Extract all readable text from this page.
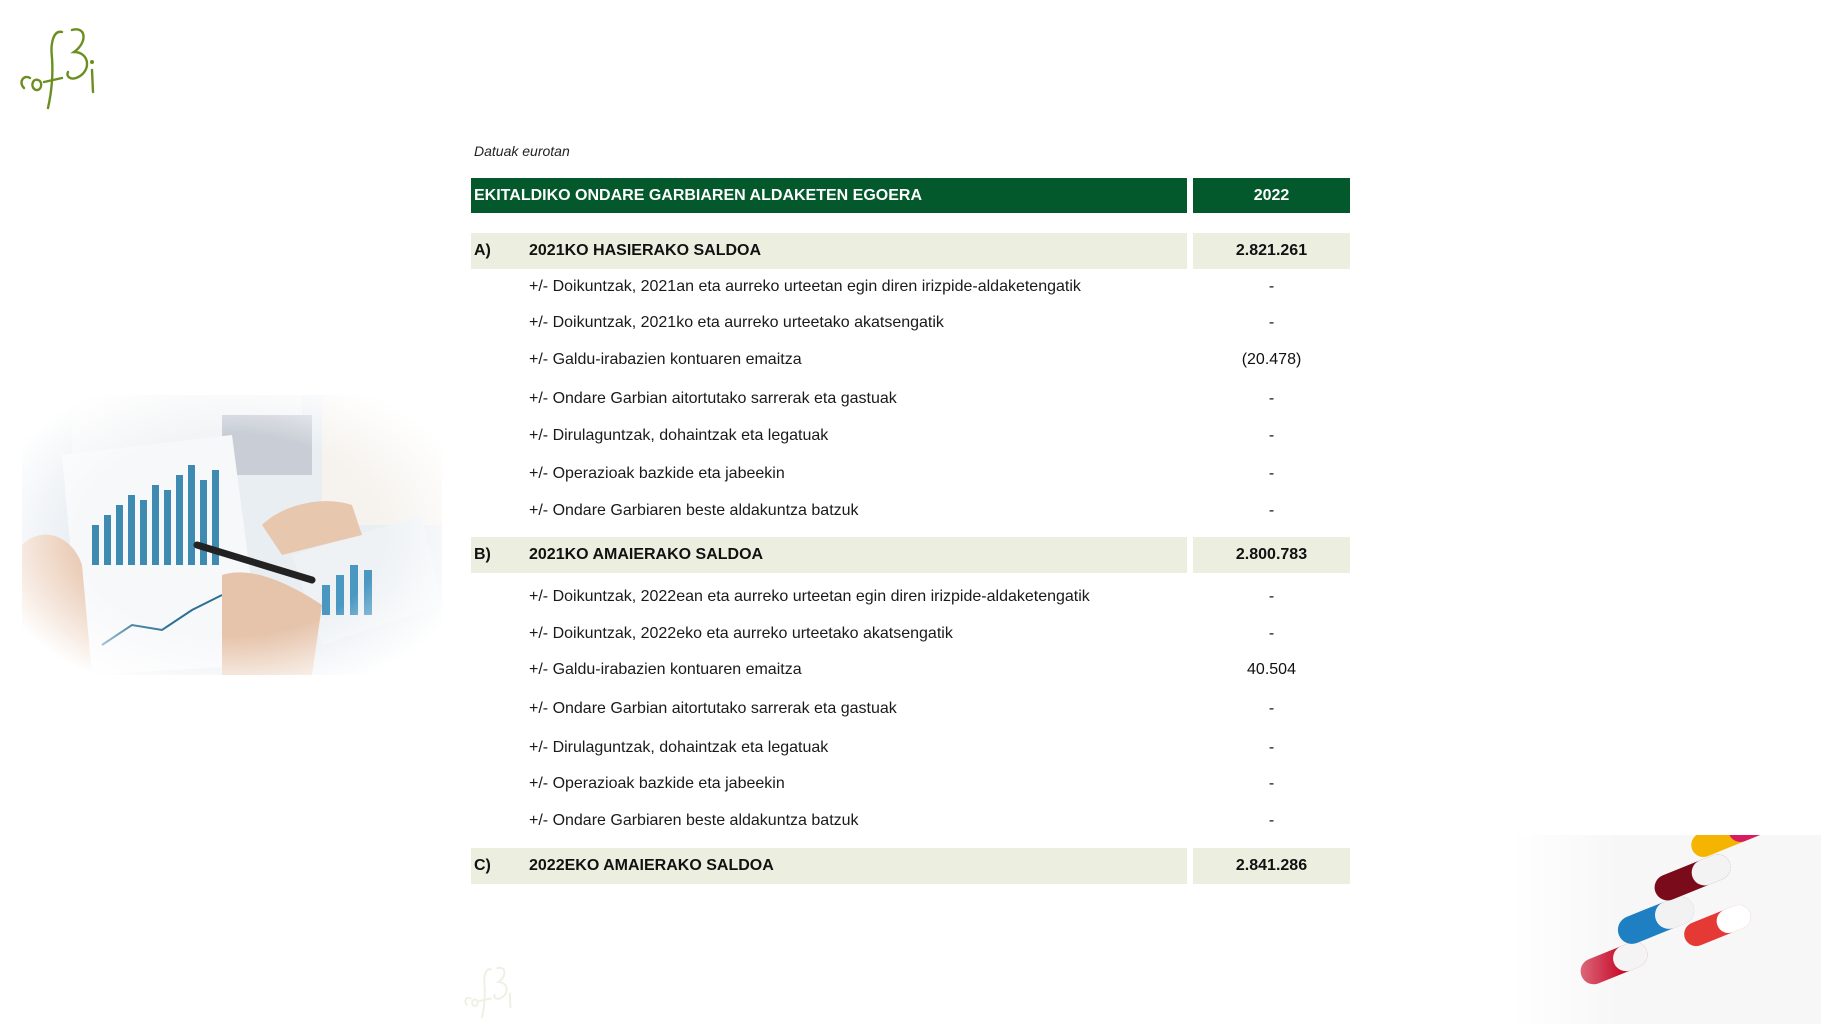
Datuak eurotan
EKITALDIKO ONDARE GARBIAREN ALDAKETEN EGOERA	2022
A) 2021KO HASIERAKO SALDOA	2.821.261
+/- Doikuntzak, 2021an eta aurreko urteetan egin diren irizpide-aldaketengatik	-
+/- Doikuntzak, 2021ko eta aurreko urteetako akatsengatik	-
+/- Galdu-irabazien kontuaren emaitza	(20.478)
+/- Ondare Garbian aitortutako sarrerak eta gastuak	-
+/- Dirulaguntzak, dohaintzak eta legatuak	-
+/- Operazioak bazkide eta jabeekin	-
+/- Ondare Garbiaren beste aldakuntza batzuk	-
B) 2021KO AMAIERAKO SALDOA	2.800.783
+/- Doikuntzak, 2022ean eta aurreko urteetan egin diren irizpide-aldaketengatik	-
+/- Doikuntzak, 2022eko eta aurreko urteetako akatsengatik	-
+/- Galdu-irabazien kontuaren emaitza	40.504
+/- Ondare Garbian aitortutako sarrerak eta gastuak	-
+/- Dirulaguntzak, dohaintzak eta legatuak	-
+/- Operazioak bazkide eta jabeekin	-
+/- Ondare Garbiaren beste aldakuntza batzuk	-
C) 2022EKO AMAIERAKO SALDOA	2.841.286
